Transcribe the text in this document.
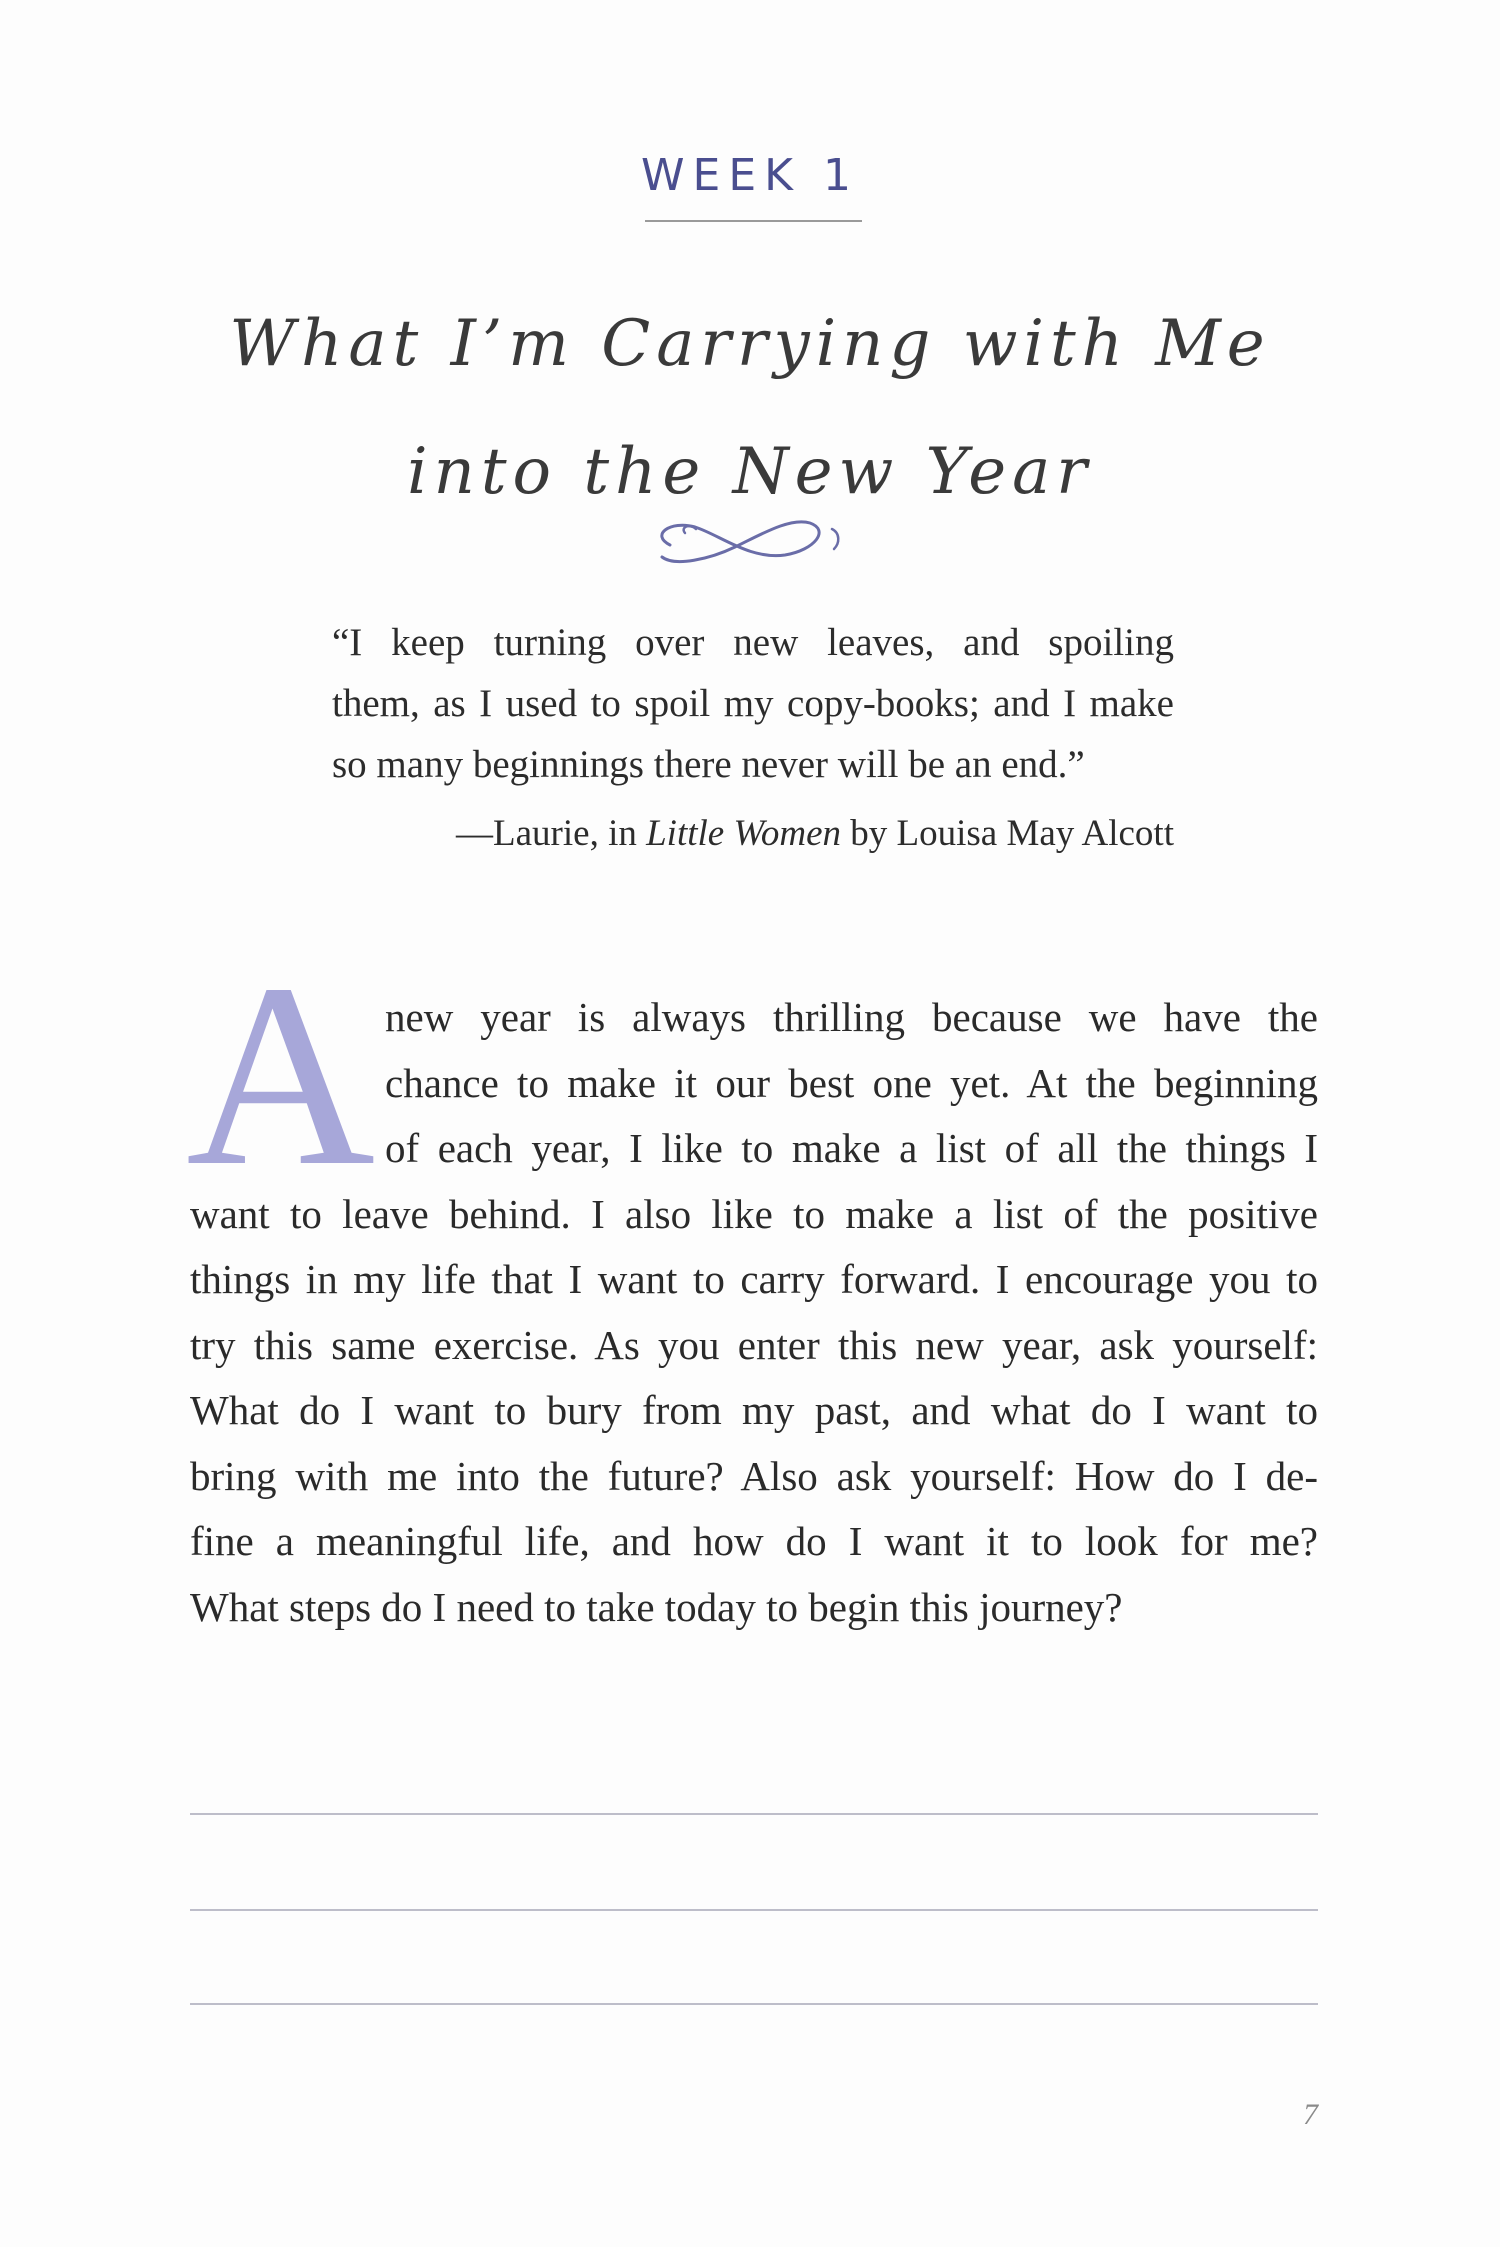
WEEK 1
What I’m Carrying with Me
into the New Year
“I keep turning over new leaves, and spoiling
them, as I used to spoil my copy-books; and I make
so many beginnings there never will be an end.”
—Laurie, in Little Women by Louisa May Alcott
A new year is always thrilling because we have the
chance to make it our best one yet. At the beginning
of each year, I like to make a list of all the things I
want to leave behind. I also like to make a list of the positive
things in my life that I want to carry forward. I encourage you to
try this same exercise. As you enter this new year, ask yourself:
What do I want to bury from my past, and what do I want to
bring with me into the future? Also ask yourself: How do I de-
fine a meaningful life, and how do I want it to look for me?
What steps do I need to take today to begin this journey?
7
